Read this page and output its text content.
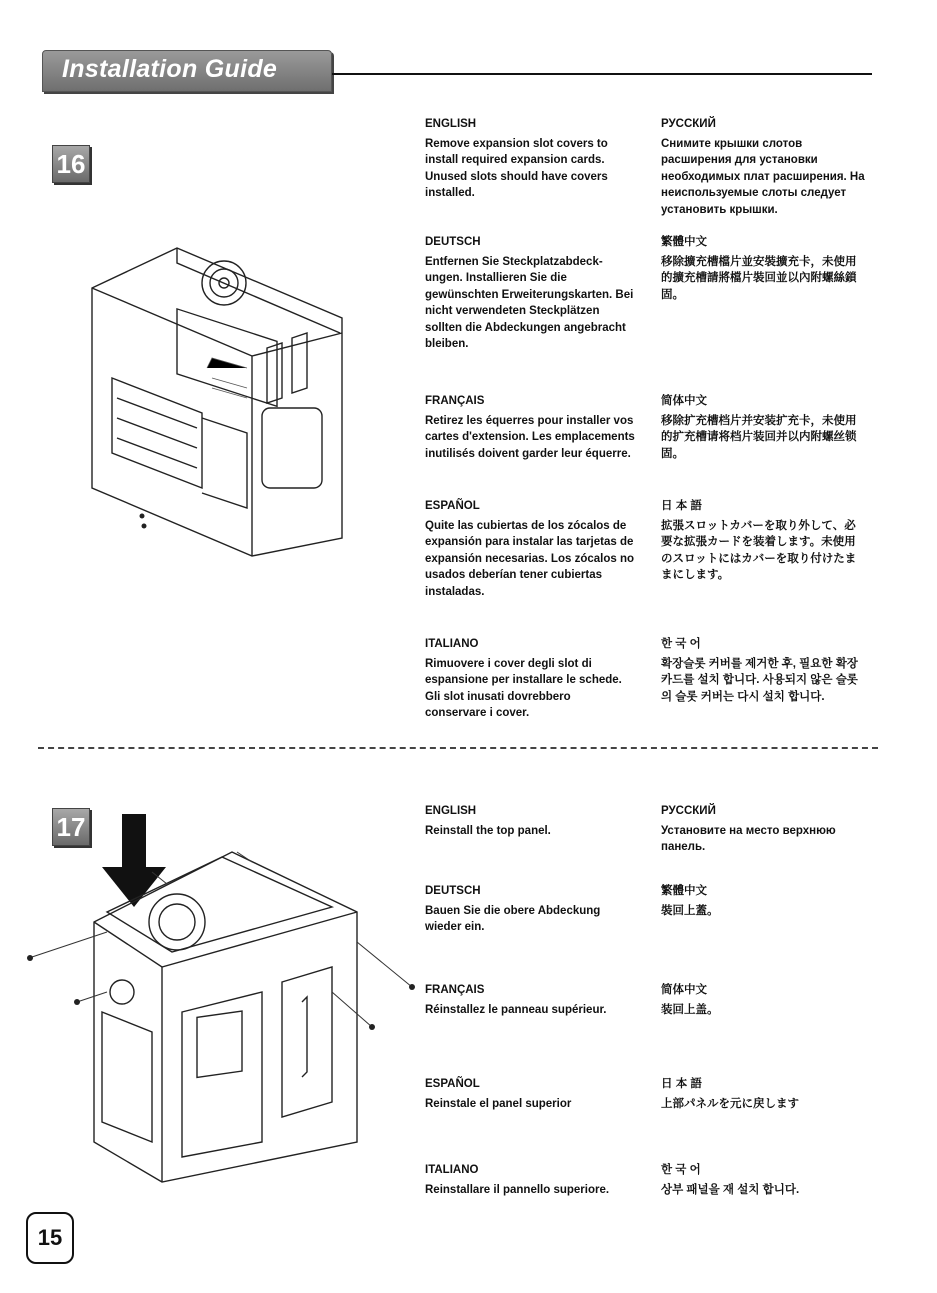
Installation Guide
16
ENGLISH
Remove expansion slot covers to install required expansion cards. Unused slots should have covers installed.
РУССКИЙ
Снимите крышки слотов расширения для установки необходимых плат расширения. На неиспользуемые слоты следует установить крышки.
DEUTSCH
Entfernen Sie Steckplatzabdeck-ungen. Installieren Sie die gewünschten Erweiterungskarten. Bei nicht verwendeten Steckplätzen sollten die Abdeckungen angebracht bleiben.
繁體中文
移除擴充槽檔片並安裝擴充卡，未使用的擴充槽請將檔片裝回並以內附螺絲鎖固。
FRANÇAIS
Retirez les équerres pour installer vos cartes d'extension. Les emplacements inutilisés doivent garder leur équerre.
简体中文
移除扩充槽档片并安装扩充卡，未使用的扩充槽请将档片装回并以内附螺丝锁固。
ESPAÑOL
Quite las cubiertas de los zócalos de expansión para instalar las tarjetas de expansión necesarias. Los zócalos no usados deberían tener cubiertas instaladas.
日 本 語
拡張スロットカバーを取り外して、必要な拡張カードを装着します。未使用のスロットにはカバーを取り付けたままにします。
ITALIANO
Rimuovere i cover degli slot di espansione per installare le schede. Gli slot inusati dovrebbero conservare i cover.
한 국 어
확장슬롯 커버를 제거한 후, 필요한 확장카드를 설치 합니다. 사용되지 않은 슬롯의 슬롯 커버는 다시 설치 합니다.
17
ENGLISH
Reinstall the top panel.
РУССКИЙ
Установите на место верхнюю панель.
DEUTSCH
Bauen Sie die obere Abdeckung wieder ein.
繁體中文
裝回上蓋。
FRANÇAIS
Réinstallez le panneau supérieur.
简体中文
装回上盖。
ESPAÑOL
Reinstale el panel superior
日 本 語
上部パネルを元に戻します
ITALIANO
Reinstallare il pannello superiore.
한 국 어
상부 패널을 재 설치 합니다.
15
